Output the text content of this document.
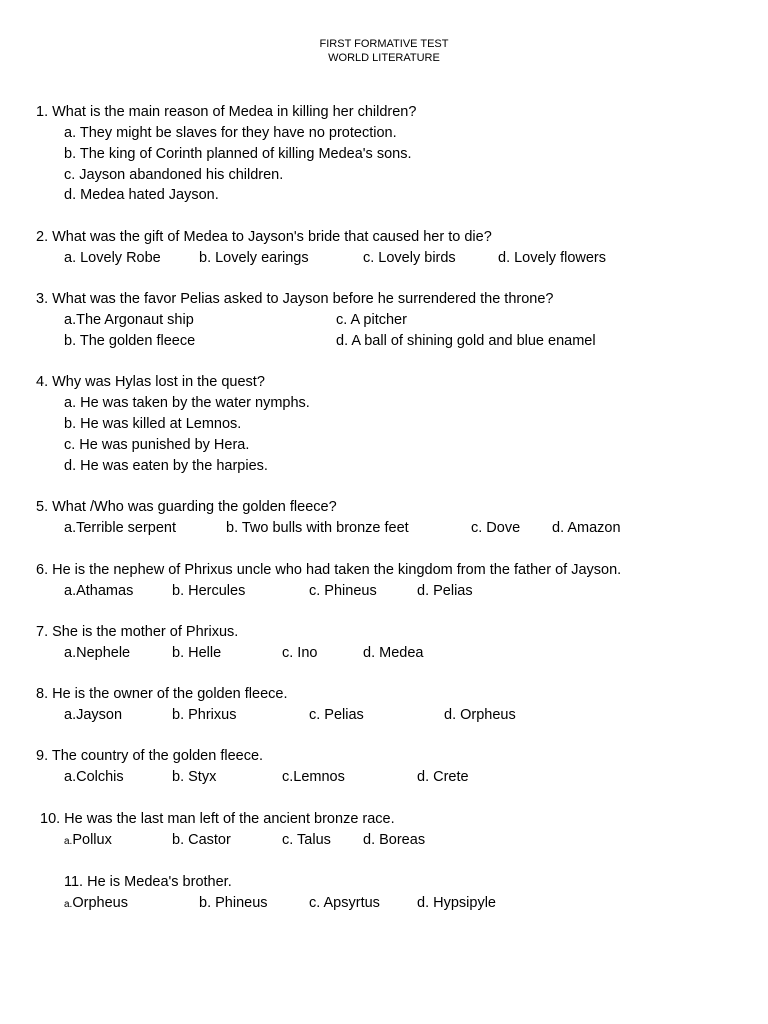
FIRST FORMATIVE TEST
WORLD LITERATURE
1. What is the main reason of Medea in killing her children?
a. They might be slaves for they have no protection.
b. The king of Corinth planned of killing Medea's sons.
c. Jayson abandoned his children.
d. Medea hated Jayson.
2. What was the gift of Medea to Jayson's bride that caused her to die?
a. Lovely Robe	b. Lovely earings	c. Lovely birds	d. Lovely flowers
3. What was the favor Pelias asked to Jayson before he surrendered the throne?
a.The Argonaut ship	c. A pitcher
b. The golden fleece	d. A ball of shining gold and blue enamel
4. Why was Hylas lost in the quest?
a. He was taken by the water nymphs.
b. He was killed at Lemnos.
c. He was punished by Hera.
d. He was eaten by the harpies.
5. What /Who was guarding the golden fleece?
a.Terrible serpent	b. Two bulls with bronze feet	c. Dove d. Amazon
6. He is the nephew of Phrixus uncle who had taken the kingdom from the father of Jayson.
a.Athamas	b. Hercules	c. Phineus	d. Pelias
7. She is the mother of Phrixus.
a.Nephele	b. Helle	c. Ino	d. Medea
8. He is the owner of the golden fleece.
a.Jayson	b. Phrixus	c. Pelias	d. Orpheus
9. The country of the golden fleece.
a.Colchis	b. Styx	c.Lemnos	d. Crete
10. He was the last man left of the ancient bronze race.
a.Pollux	b. Castor	c. Talus d. Boreas
11. He is Medea's brother.
a.Orpheus	b. Phineus	c. Apsyrtus	d. Hypsipyle
